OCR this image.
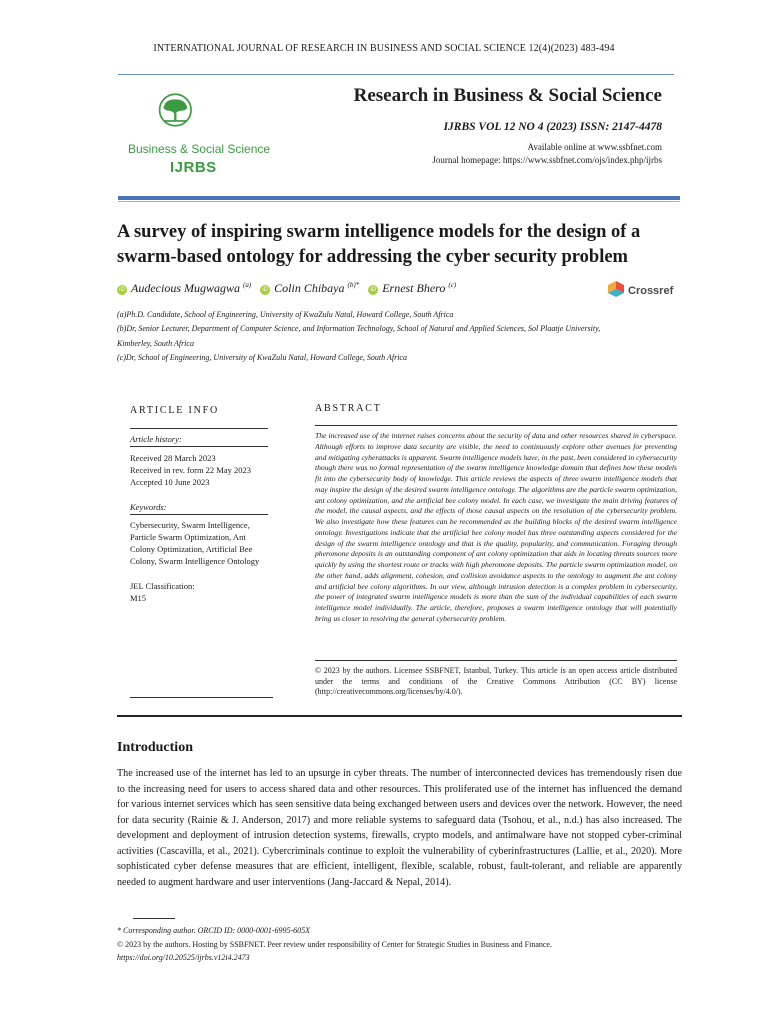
INTERNATIONAL JOURNAL OF RESEARCH IN BUSINESS AND SOCIAL SCIENCE 12(4)(2023) 483-494
Business & Social Science
IJRBS
Research in Business & Social Science
IJRBS VOL 12 NO 4 (2023) ISSN: 2147-4478
Available online at www.ssbfnet.com
Journal homepage: https://www.ssbfnet.com/ojs/index.php/ijrbs
A survey of inspiring swarm intelligence models for the design of a
swarm-based ontology for addressing the cyber security problem
iD Audecious Mugwagwa $^{(a)}$   iD Colin Chibaya $^{(b)*}$   iD Ernest Bhero $^{(c)}$	Crossref
(a)Ph.D. Candidate, School of Engineering, University of KwaZulu Natal, Howard College, South Africa
(b)Dr, Senior Lecturer, Department of Computer Science, and Information Technology, School of Natural and Applied Sciences, Sol Plaatje University,
Kimberley, South Africa
(c)Dr, School of Engineering, University of KwaZulu Natal, Howard College, South Africa
ARTICLE INFO
Article history:
Received 28 March 2023
Received in rev. form 22 May 2023
Accepted 10 June 2023
Keywords:
Cybersecurity, Swarm Intelligence,
Particle Swarm Optimization, Ant
Colony Optimization, Artificial Bee
Colony, Swarm Intelligence Ontology
JEL Classification:
M15
ABSTRACT
The increased use of the internet raises concerns about the security of data and other resources shared in cyberspace. Although efforts to improve data security are visible, the need to continuously explore other avenues for preventing and mitigating cyberattacks is apparent. Swarm intelligence models have, in the past, been considered in cybersecurity though there was no formal representation of the swarm intelligence knowledge domain that defines how these models fit into the cybersecurity body of knowledge. This article reviews the aspects of three swarm intelligence models that may inspire the design of the desired swarm intelligence ontology. The algorithms are the particle swarm optimization, ant colony optimization, and the artificial bee colony model. In each case, we investigate the main driving features of the model, the causal aspects, and the effects of those causal aspects on the resolution of the cybersecurity problem. We also investigate how these features can be recommended as the building blocks of the desired swarm intelligence ontology. Investigations indicate that the artificial bee colony model has three outstanding aspects considered for the design of the swarm intelligence ontology and that is the quality, popularity, and communication. Foraging through pheromone deposits is an outstanding component of ant colony optimization that aids in locating threats sources more quickly by using the shortest route or tracks with high pheromone deposits. The particle swarm optimization model, on the other hand, adds alignment, cohesion, and collision avoidance aspects to the ontology to augment the ant colony and artificial bee colony algorithms. In our view, although intrusion detection is a complex problem in cybersecurity, the power of integrated swarm intelligence models is more than the sum of the individual capabilities of each swarm intelligence model individually. The article, therefore, proposes a swarm intelligence ontology that will potentially bring us closer to resolving the general cybersecurity problem.
© 2023 by the authors. Licensee SSBFNET, Istanbul, Turkey. This article is an open access article distributed under the terms and conditions of the Creative Commons Attribution (CC BY) license (http://creativecommons.org/licenses/by/4.0/).
Introduction
The increased use of the internet has led to an upsurge in cyber threats. The number of interconnected devices has tremendously risen due to the increasing need for users to access shared data and other resources. This proliferated use of the internet has influenced the demand for various internet services which has seen sensitive data being exchanged between users and devices over the network. However, the need for data security (Rainie & J. Anderson, 2017) and more reliable systems to safeguard data (Tsohou, et al., n.d.) has also increased. The development and deployment of intrusion detection systems, firewalls, crypto models, and antimalware have not stopped cyber-criminal activities (Cascavilla, et al., 2021). Cybercriminals continue to exploit the vulnerability of cyberinfrastructures (Lallie, et al., 2020). More sophisticated cyber defense measures that are efficient, intelligent, flexible, scalable, robust, fault-tolerant, and reliable are apparently needed to augment hardware and user interventions (Jang-Jaccard & Nepal, 2014).
* Corresponding author. ORCID ID: 0000-0001-6995-605X
© 2023 by the authors. Hosting by SSBFNET. Peer review under responsibility of Center for Strategic Studies in Business and Finance.
https://doi.org/10.20525/ijrbs.v12i4.2473
